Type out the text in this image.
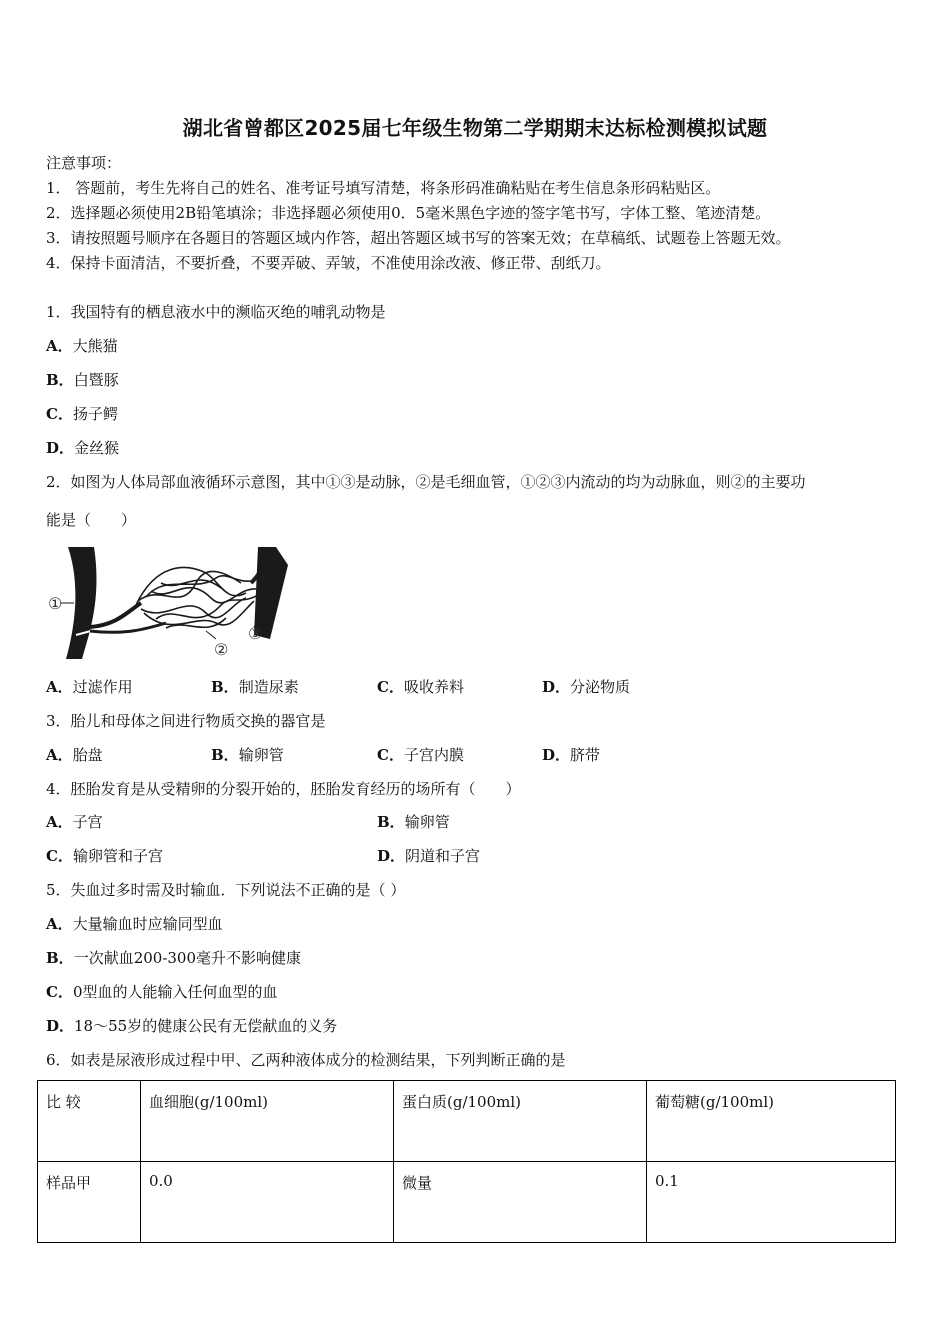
湖北省曾都区2025届七年级生物第二学期期末达标检测模拟试题
注意事项：
1． 答题前，考生先将自己的姓名、准考证号填写清楚，将条形码准确粘贴在考生信息条形码粘贴区。
2．选择题必须使用2B铅笔填涂；非选择题必须使用0．5毫米黑色字迹的签字笔书写，字体工整、笔迹清楚。
3．请按照题号顺序在各题目的答题区域内作答，超出答题区域书写的答案无效；在草稿纸、试题卷上答题无效。
4．保持卡面清洁，不要折叠，不要弄破、弄皱，不准使用涂改液、修正带、刮纸刀。
1．我国特有的栖息液水中的濒临灭绝的哺乳动物是
A．大熊猫
B．白暨豚
C．扬子鳄
D．金丝猴
2．如图为人体局部血液循环示意图，其中①③是动脉，②是毛细血管，①②③内流动的均为动脉血，则②的主要功
能是（　　）
①
②
③
A．过滤作用	B．制造尿素	C．吸收养料	D．分泌物质
3．胎儿和母体之间进行物质交换的器官是
A．胎盘	B．输卵管	C．子宫内膜	D．脐带
4．胚胎发育是从受精卵的分裂开始的，胚胎发育经历的场所有（　　）
A．子宫	B．输卵管
C．输卵管和子宫	D．阴道和子宫
5．失血过多时需及时输血．下列说法不正确的是（ ）
A．大量输血时应输同型血
B．一次献血200-300毫升不影响健康
C．0型血的人能输入任何血型的血
D．18～55岁的健康公民有无偿献血的义务
6．如表是尿液形成过程中甲、乙两种液体成分的检测结果，下列判断正确的是
比 较	血细胞(g/100ml)	蛋白质(g/100ml)	葡萄糖(g/100ml)
样品甲	0.0	微量	0.1
